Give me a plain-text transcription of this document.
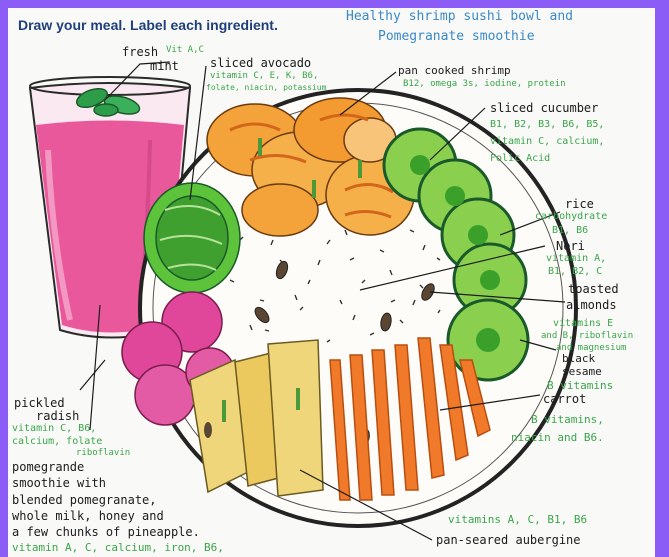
Draw your meal. Label each ingredient.
Healthy shrimp sushi bowl and
Pomegranate smoothie
fresh Vit A,C
mint	sliced avocado
vitamin C, E, K, B6,
folate, niacin, potassium
pan cooked shrimp
B12, omega 3s, iodine, protein
sliced cucumber
B1, B2, B3, B6, B5,
vitamin C, calcium,
Folic Acid
rice
carbohydrate
B1, B6
Nori
vitamin A,
B1, B2, C
toasted
almonds
vitamins E
and B, riboflavin
and magnesium
black
sesame
B vitamins
carrot
B vitamins,
niacin and B6.
pickled
radish
vitamin C, B6,
calcium, folate
riboflavin
pomegrande
smoothie with
blended pomegranate,
whole milk, honey and
a few chunks of pineapple.
vitamin A, C, calcium, iron, B6,
vitamins A, C, B1, B6
pan-seared aubergine
